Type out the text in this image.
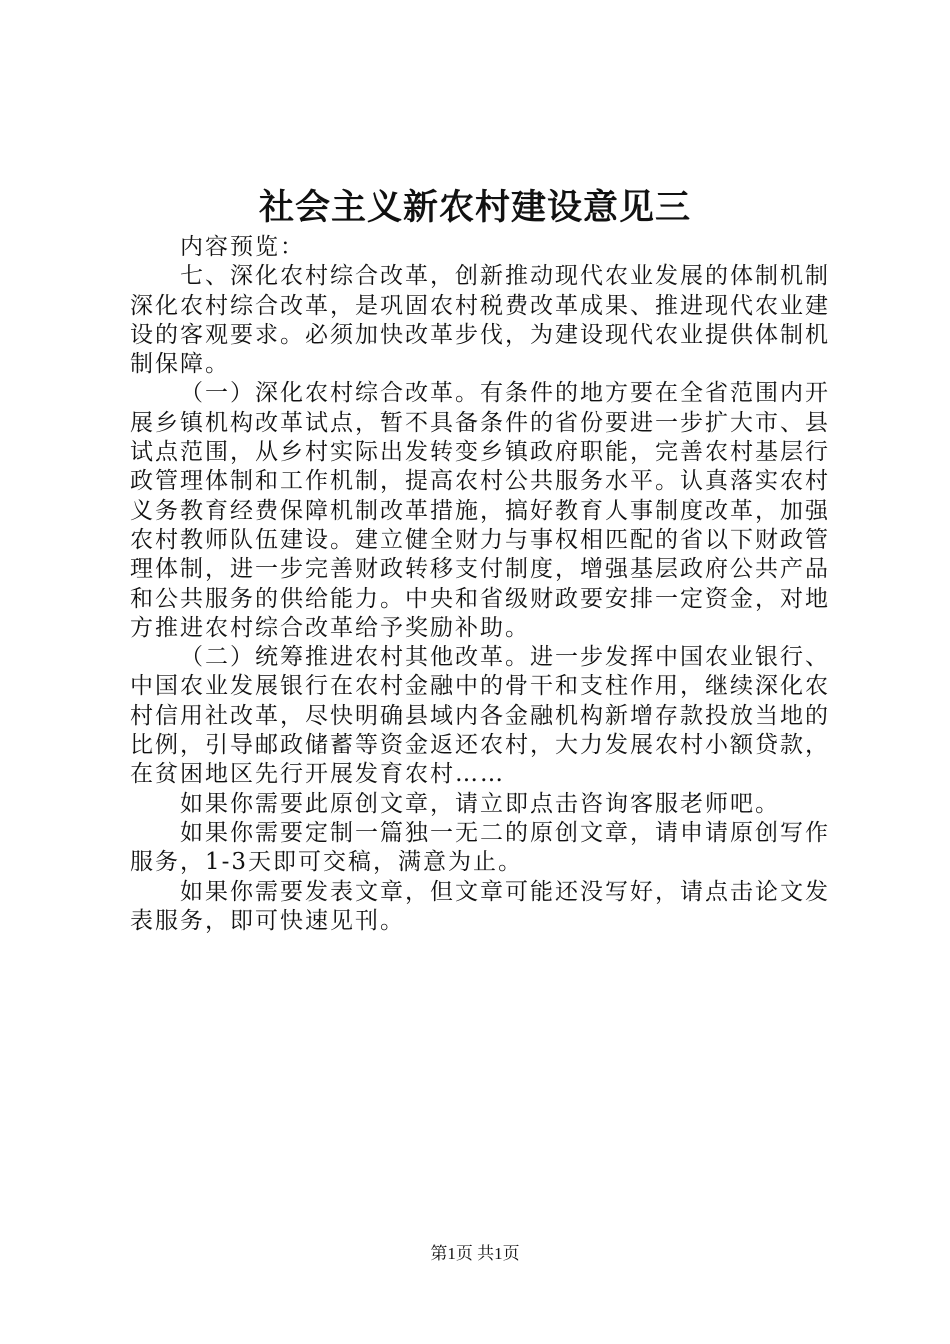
社会主义新农村建设意见三

内容预览：

七、深化农村综合改革，创新推动现代农业发展的体制机制深化农村综合改革，是巩固农村税费改革成果、推进现代农业建设的客观要求。必须加快改革步伐，为建设现代农业提供体制机制保障。

（一）深化农村综合改革。有条件的地方要在全省范围内开展乡镇机构改革试点，暂不具备条件的省份要进一步扩大市、县试点范围，从乡村实际出发转变乡镇政府职能，完善农村基层行政管理体制和工作机制，提高农村公共服务水平。认真落实农村义务教育经费保障机制改革措施，搞好教育人事制度改革，加强农村教师队伍建设。建立健全财力与事权相匹配的省以下财政管理体制，进一步完善财政转移支付制度，增强基层政府公共产品和公共服务的供给能力。中央和省级财政要安排一定资金，对地方推进农村综合改革给予奖励补助。

（二）统筹推进农村其他改革。进一步发挥中国农业银行、中国农业发展银行在农村金融中的骨干和支柱作用，继续深化农村信用社改革，尽快明确县域内各金融机构新增存款投放当地的比例，引导邮政储蓄等资金返还农村，大力发展农村小额贷款，在贫困地区先行开展发育农村……

如果你需要此原创文章，请立即点击咨询客服老师吧。

如果你需要定制一篇独一无二的原创文章，请申请原创写作服务，1-3天即可交稿，满意为止。

如果你需要发表文章，但文章可能还没写好，请点击论文发表服务，即可快速见刊。

第1页 共1页
